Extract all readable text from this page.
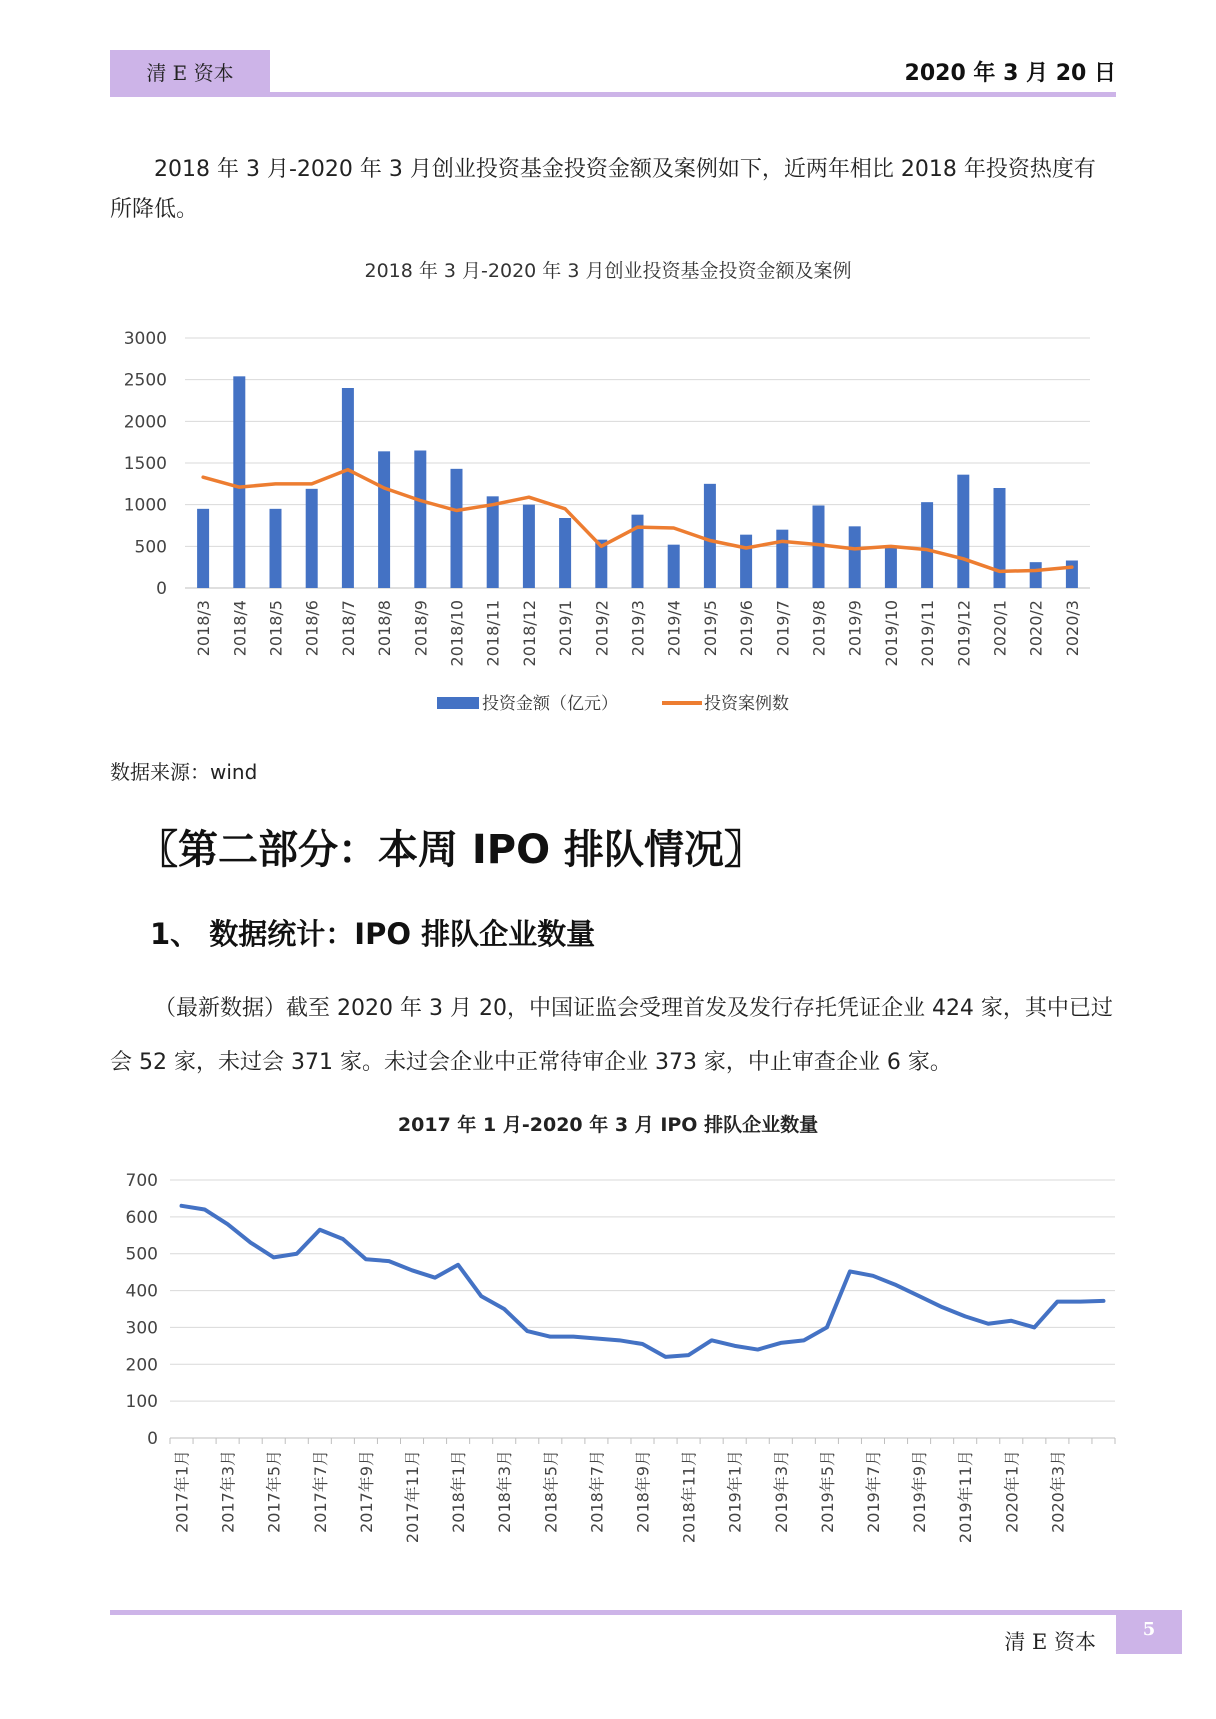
清 E 资本	2020 年 3 月 20 日
2018 年 3 月-2020 年 3 月创业投资基金投资金额及案例如下，近两年相比 2018 年投资热度有所降低。
2018 年 3 月-2020 年 3 月创业投资基金投资金额及案例
0
500
1000
1500
2000
2500
3000
2018/3 2018/4 2018/5 2018/6 2018/7 2018/8 2018/9 2018/10 2018/11 2018/12 2019/1 2019/2 2019/3 2019/4 2019/5 2019/6 2019/7 2019/8 2019/9 2019/10 2019/11 2019/12 2020/1 2020/2 2020/3
投资金额（亿元）	投资案例数
数据来源：wind
〖第二部分：本周 IPO 排队情况〗
1、 数据统计：IPO 排队企业数量
（最新数据）截至 2020 年 3 月 20，中国证监会受理首发及发行存托凭证企业 424 家，其中已过会 52 家，未过会 371 家。未过会企业中正常待审企业 373 家，中止审查企业 6 家。
2017 年 1 月-2020 年 3 月 IPO 排队企业数量
0
100
200
300
400
500
600
700
2017年1月 2017年3月 2017年5月 2017年7月 2017年9月 2017年11月 2018年1月 2018年3月 2018年5月 2018年7月 2018年9月 2018年11月 2019年1月 2019年3月 2019年5月 2019年7月 2019年9月 2019年11月 2020年1月 2020年3月
5
清 E 资本
